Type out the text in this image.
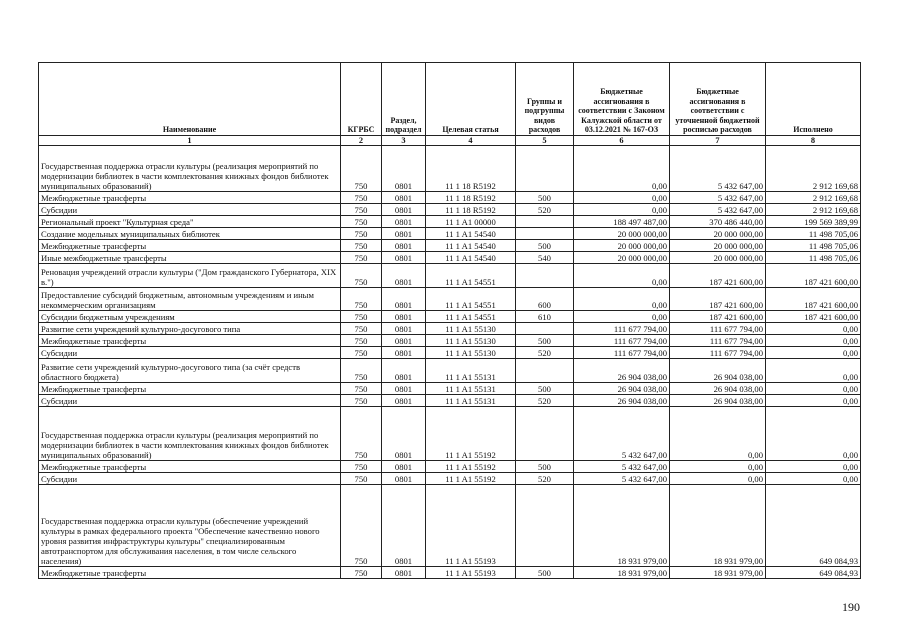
Наименование	КГРБС	Раздел, подраздел	Целевая статья	Группы и подгруппы видов расходов	Бюджетные ассигнования в соответствии с Законом Калужской области от 03.12.2021 № 167-ОЗ	Бюджетные ассигнования в соответствии с уточненной бюджетной росписью расходов	Исполнено
1	2	3	4	5	6	7	8
Государственная поддержка отрасли культуры (реализация мероприятий по модернизации библиотек в части комплектования книжных фондов библиотек муниципальных образований)	750	0801	11 1 18 R5192		0,00	5 432 647,00	2 912 169,68
Межбюджетные трансферты	750	0801	11 1 18 R5192	500	0,00	5 432 647,00	2 912 169,68
Субсидии	750	0801	11 1 18 R5192	520	0,00	5 432 647,00	2 912 169,68
Региональный проект "Культурная среда"	750	0801	11 1 A1 00000		188 497 487,00	370 486 440,00	199 569 389,99
Создание модельных муниципальных библиотек	750	0801	11 1 A1 54540		20 000 000,00	20 000 000,00	11 498 705,06
Межбюджетные трансферты	750	0801	11 1 A1 54540	500	20 000 000,00	20 000 000,00	11 498 705,06
Иные межбюджетные трансферты	750	0801	11 1 A1 54540	540	20 000 000,00	20 000 000,00	11 498 705,06
Реновация учреждений отрасли культуры ("Дом гражданского Губернатора, XIX в.")	750	0801	11 1 A1 54551		0,00	187 421 600,00	187 421 600,00
Предоставление субсидий бюджетным, автономным учреждениям и иным некоммерческим организациям	750	0801	11 1 A1 54551	600	0,00	187 421 600,00	187 421 600,00
Субсидии бюджетным учреждениям	750	0801	11 1 A1 54551	610	0,00	187 421 600,00	187 421 600,00
Развитие сети учреждений культурно-досугового типа	750	0801	11 1 A1 55130		111 677 794,00	111 677 794,00	0,00
Межбюджетные трансферты	750	0801	11 1 A1 55130	500	111 677 794,00	111 677 794,00	0,00
Субсидии	750	0801	11 1 A1 55130	520	111 677 794,00	111 677 794,00	0,00
Развитие сети учреждений культурно-досугового типа (за счёт средств областного бюджета)	750	0801	11 1 A1 55131		26 904 038,00	26 904 038,00	0,00
Межбюджетные трансферты	750	0801	11 1 A1 55131	500	26 904 038,00	26 904 038,00	0,00
Субсидии	750	0801	11 1 A1 55131	520	26 904 038,00	26 904 038,00	0,00
Государственная поддержка отрасли культуры (реализация мероприятий по модернизации библиотек в части комплектования книжных фондов библиотек муниципальных образований)	750	0801	11 1 A1 55192		5 432 647,00	0,00	0,00
Межбюджетные трансферты	750	0801	11 1 A1 55192	500	5 432 647,00	0,00	0,00
Субсидии	750	0801	11 1 A1 55192	520	5 432 647,00	0,00	0,00
Государственная поддержка отрасли культуры (обеспечение учреждений культуры в рамках федерального проекта "Обеспечение качественно нового уровня развития инфраструктуры культуры" специализированным автотранспортом для обслуживания населения, в том числе сельского населения)	750	0801	11 1 A1 55193		18 931 979,00	18 931 979,00	649 084,93
Межбюджетные трансферты	750	0801	11 1 A1 55193	500	18 931 979,00	18 931 979,00	649 084,93
190
